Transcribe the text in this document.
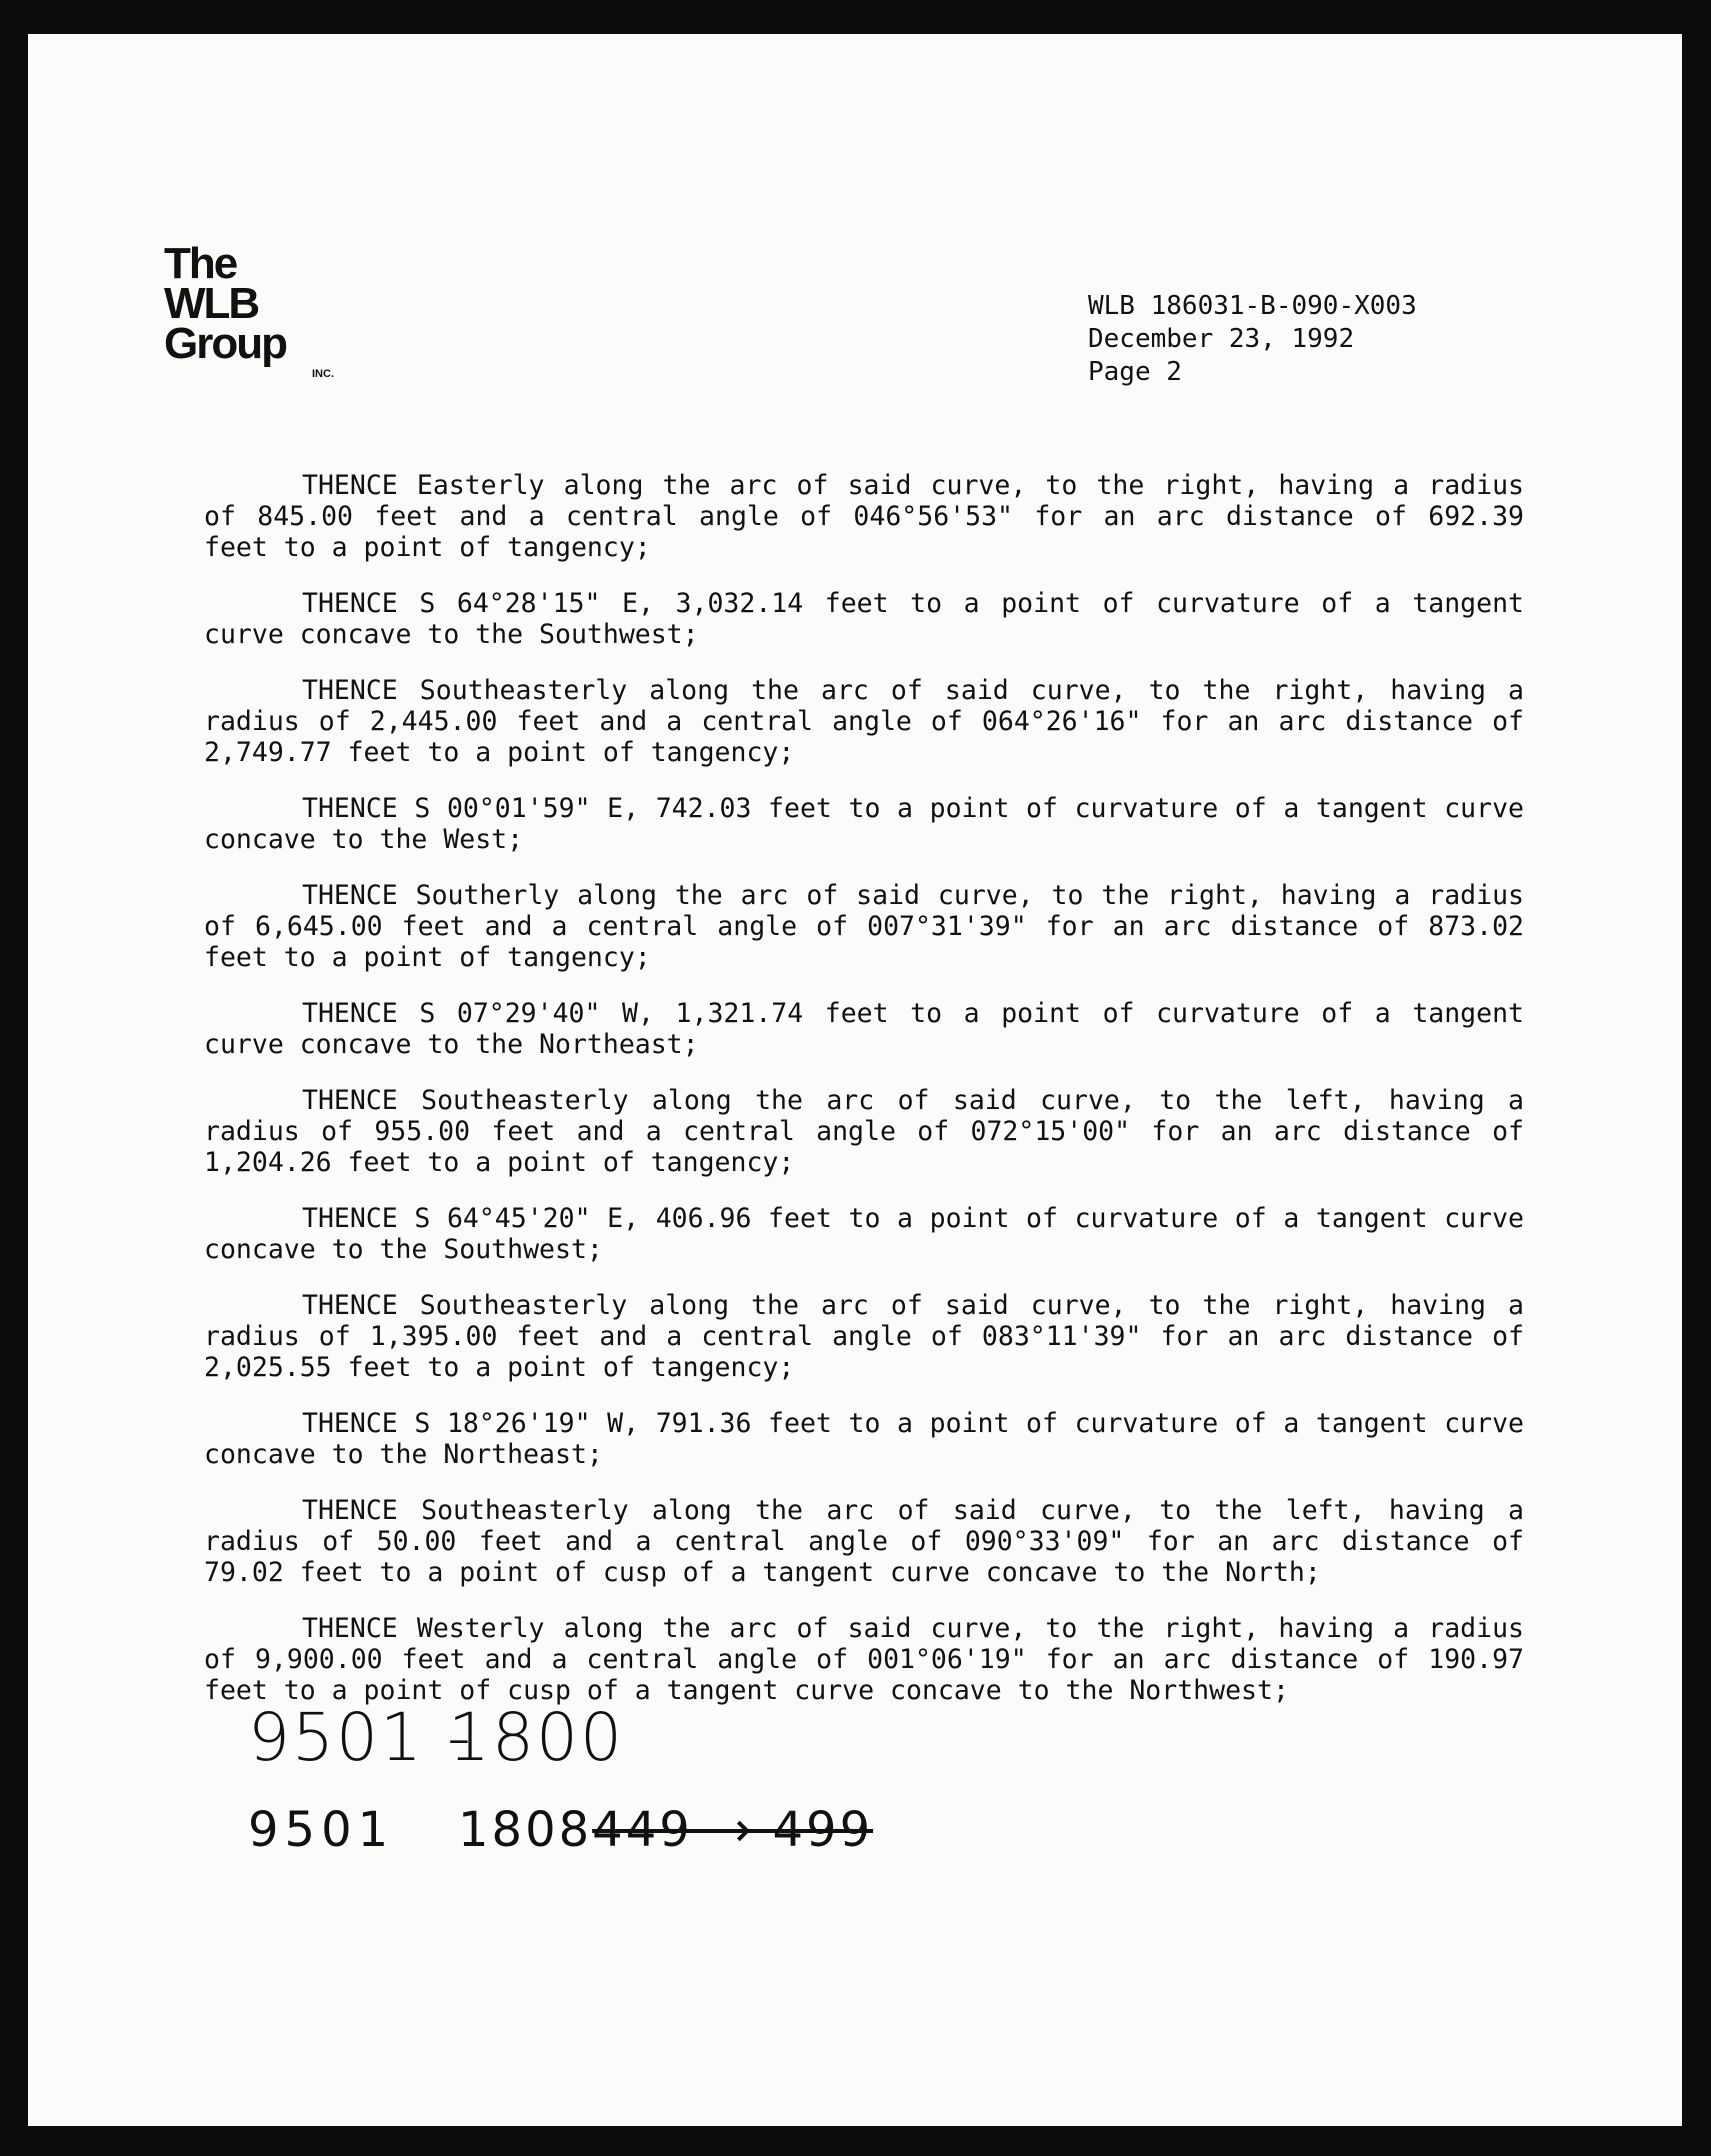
The
WLB
Group
INC.
WLB 186031-B-090-X003
December 23, 1992
Page 2

THENCE Easterly along the arc of said curve, to the right, having a radius of 845.00 feet and a central angle of 046°56'53" for an arc distance of 692.39 feet to a point of tangency;

THENCE S 64°28'15" E, 3,032.14 feet to a point of curvature of a tangent curve concave to the Southwest;

THENCE Southeasterly along the arc of said curve, to the right, having a radius of 2,445.00 feet and a central angle of 064°26'16" for an arc distance of 2,749.77 feet to a point of tangency;

THENCE S 00°01'59" E, 742.03 feet to a point of curvature of a tangent curve concave to the West;

THENCE Southerly along the arc of said curve, to the right, having a radius of 6,645.00 feet and a central angle of 007°31'39" for an arc distance of 873.02 feet to a point of tangency;

THENCE S 07°29'40" W, 1,321.74 feet to a point of curvature of a tangent curve concave to the Northeast;

THENCE Southeasterly along the arc of said curve, to the left, having a radius of 955.00 feet and a central angle of 072°15'00" for an arc distance of 1,204.26 feet to a point of tangency;

THENCE S 64°45'20" E, 406.96 feet to a point of curvature of a tangent curve concave to the Southwest;

THENCE Southeasterly along the arc of said curve, to the right, having a radius of 1,395.00 feet and a central angle of 083°11'39" for an arc distance of 2,025.55 feet to a point of tangency;

THENCE S 18°26'19" W, 791.36 feet to a point of curvature of a tangent curve concave to the Northeast;

THENCE Southeasterly along the arc of said curve, to the left, having a radius of 50.00 feet and a central angle of 090°33'09" for an arc distance of 79.02 feet to a point of cusp of a tangent curve concave to the North;

THENCE Westerly along the arc of said curve, to the right, having a radius of 9,900.00 feet and a central angle of 001°06'19" for an arc distance of 190.97 feet to a point of cusp of a tangent curve concave to the Northwest;

9501 -
1800
9501 1808449 → 499
